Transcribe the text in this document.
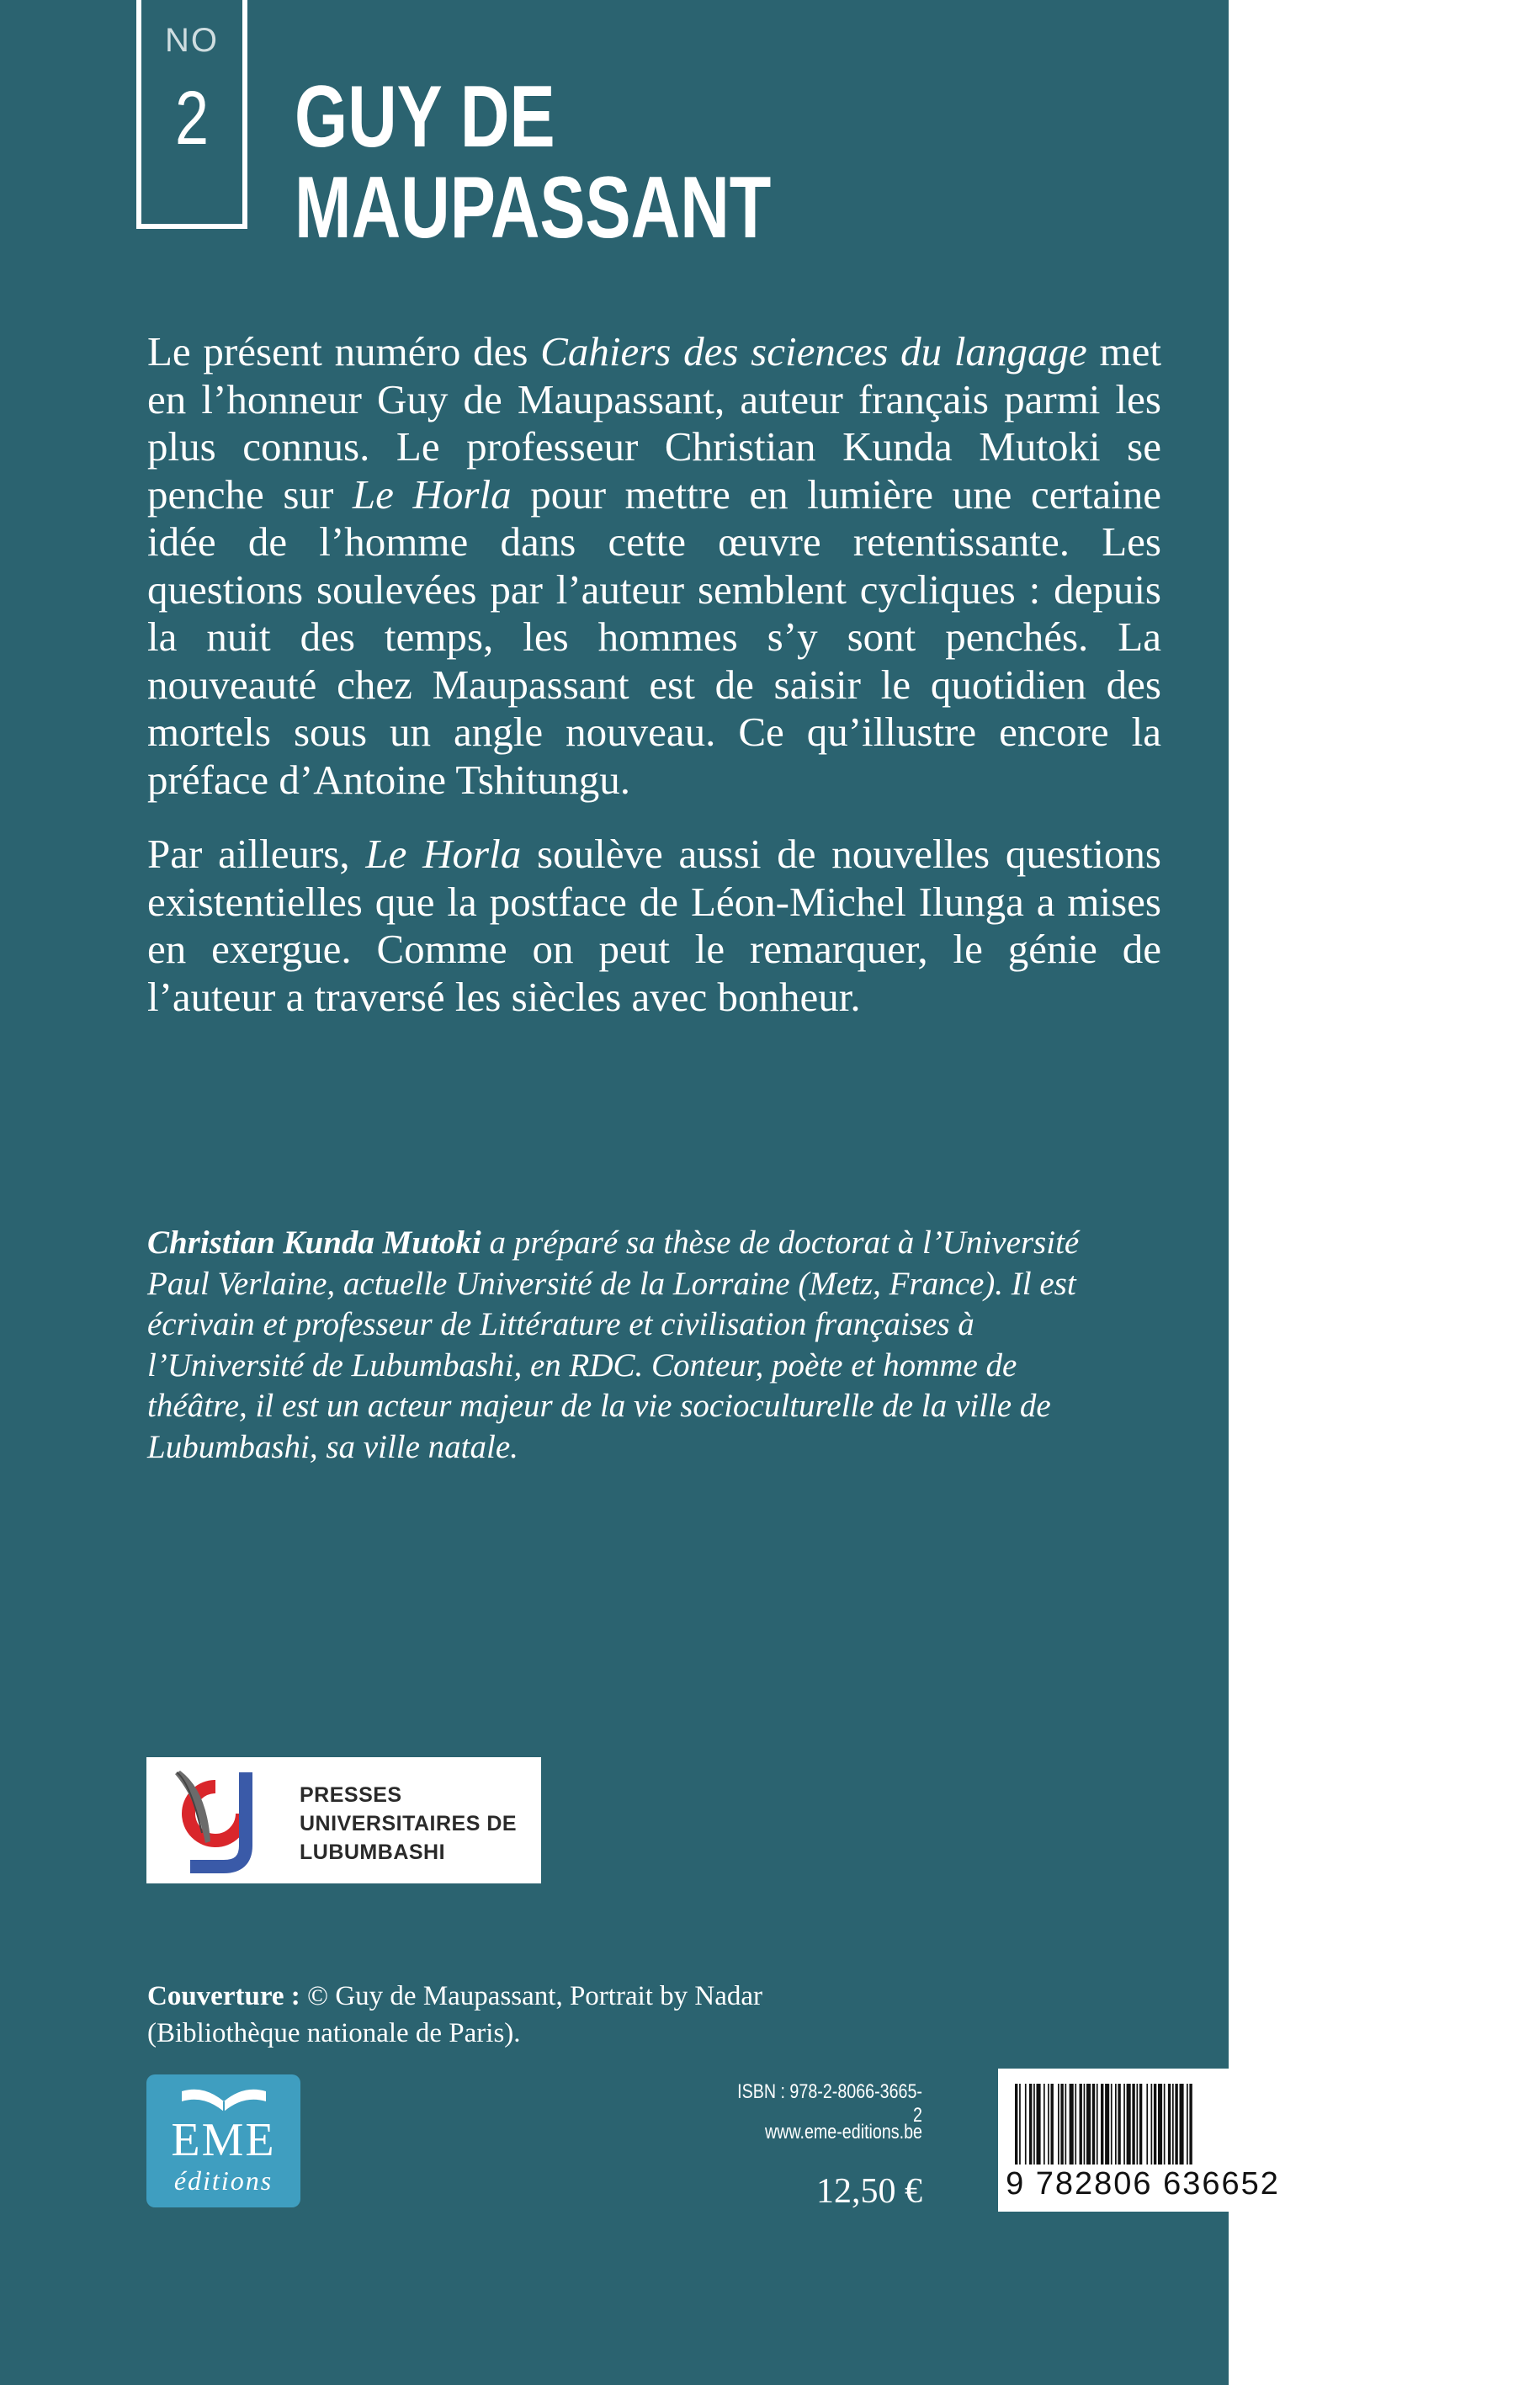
NO
2 GUY DE
MAUPASSANT

Le présent numéro des Cahiers des sciences du langage met en l’honneur Guy de Maupassant, auteur français parmi les plus connus. Le professeur Christian Kunda Mutoki se penche sur Le Horla pour mettre en lumière une certaine idée de l’homme dans cette œuvre retentissante. Les questions soulevées par l’auteur semblent cycliques : depuis la nuit des temps, les hommes s’y sont penchés. La nouveauté chez Maupassant est de saisir le quotidien des mortels sous un angle nouveau. Ce qu’illustre encore la préface d’Antoine Tshitungu.

Par ailleurs, Le Horla soulève aussi de nouvelles questions existentielles que la postface de Léon-Michel Ilunga a mises en exergue. Comme on peut le remarquer, le génie de l’auteur a traversé les siècles avec bonheur.

Christian Kunda Mutoki a préparé sa thèse de doctorat à l’Université Paul Verlaine, actuelle Université de la Lorraine (Metz, France). Il est écrivain et professeur de Littérature et civilisation françaises à l’Université de Lubumbashi, en RDC. Conteur, poète et homme de théâtre, il est un acteur majeur de la vie socioculturelle de la ville de Lubumbashi, sa ville natale.
PRESSES
UNIVERSITAIRES DE
LUBUMBASHI
Couverture : © Guy de Maupassant, Portrait by Nadar
(Bibliothèque nationale de Paris).
EME
éditions
ISBN : 978-2-8066-3665-2
www.eme-editions.be
12,50 €	9 782806 636652
